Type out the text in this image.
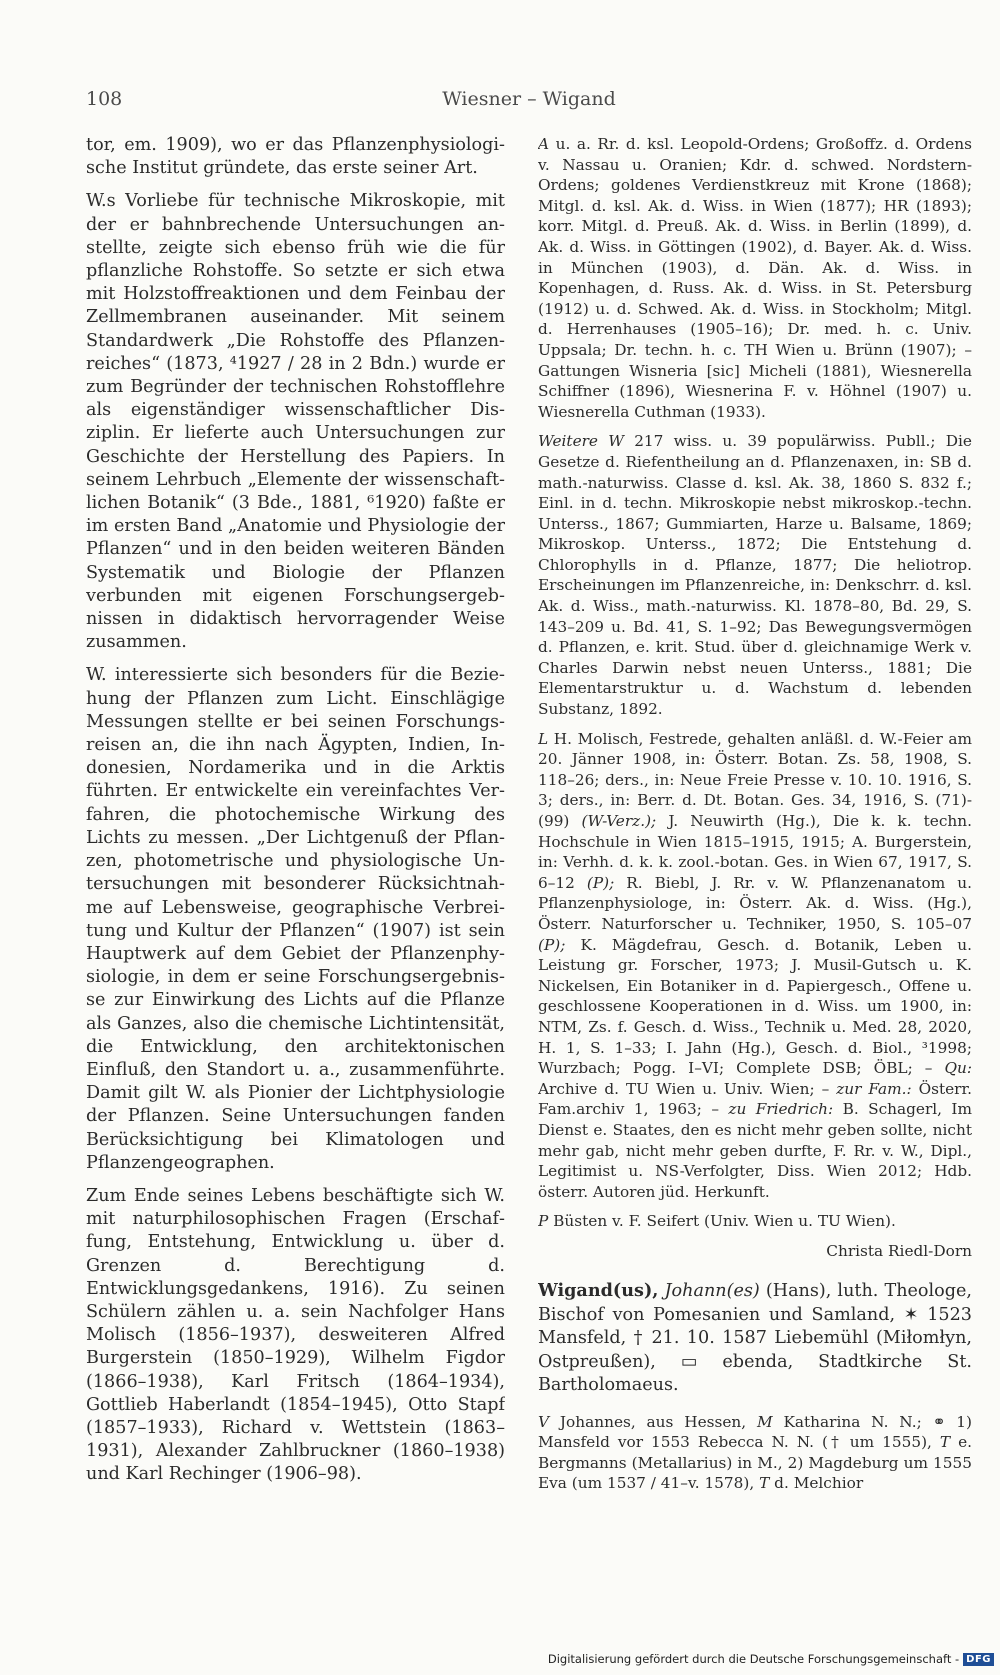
108	Wiesner – Wigand

tor, em. 1909), wo er das Pflanzenphysiologische Institut gründete, das erste seiner Art.

W.s Vorliebe für technische Mikroskopie, mit der er bahnbrechende Untersuchungen anstellte, zeigte sich ebenso früh wie die für pflanzliche Rohstoffe. So setzte er sich etwa mit Holzstoffreaktionen und dem Feinbau der Zellmembranen auseinander. Mit seinem Standardwerk „Die Rohstoffe des Pflanzenreiches“ (1873, ⁴1927 / 28 in 2 Bdn.) wurde er zum Begründer der technischen Rohstofflehre als eigenständiger wissenschaftlicher Disziplin. Er lieferte auch Untersuchungen zur Geschichte der Herstellung des Papiers. In seinem Lehrbuch „Elemente der wissenschaftlichen Botanik“ (3 Bde., 1881, ⁶1920) faßte er im ersten Band „Anatomie und Physiologie der Pflanzen“ und in den beiden weiteren Bänden Systematik und Biologie der Pflanzen verbunden mit eigenen Forschungsergebnissen in didaktisch hervorragender Weise zusammen.

W. interessierte sich besonders für die Beziehung der Pflanzen zum Licht. Einschlägige Messungen stellte er bei seinen Forschungsreisen an, die ihn nach Ägypten, Indien, Indonesien, Nordamerika und in die Arktis führten. Er entwickelte ein vereinfachtes Verfahren, die photochemische Wirkung des Lichts zu messen. „Der Lichtgenuß der Pflanzen, photometrische und physiologische Untersuchungen mit besonderer Rücksichtnahme auf Lebensweise, geographische Verbreitung und Kultur der Pflanzen“ (1907) ist sein Hauptwerk auf dem Gebiet der Pflanzenphysiologie, in dem er seine Forschungsergebnisse zur Einwirkung des Lichts auf die Pflanze als Ganzes, also die chemische Lichtintensität, die Entwicklung, den architektonischen Einfluß, den Standort u. a., zusammenführte. Damit gilt W. als Pionier der Lichtphysiologie der Pflanzen. Seine Untersuchungen fanden Berücksichtigung bei Klimatologen und Pflanzengeographen.

Zum Ende seines Lebens beschäftigte sich W. mit naturphilosophischen Fragen (Erschaffung, Entstehung, Entwicklung u. über d. Grenzen d. Berechtigung d. Entwicklungsgedankens, 1916). Zu seinen Schülern zählen u. a. sein Nachfolger Hans Molisch (1856–1937), desweiteren Alfred Burgerstein (1850–1929), Wilhelm Figdor (1866–1938), Karl Fritsch (1864–1934), Gottlieb Haberlandt (1854–1945), Otto Stapf (1857–1933), Richard v. Wettstein (1863–1931), Alexander Zahlbruckner (1860–1938) und Karl Rechinger (1906–98).

A u. a. Rr. d. ksl. Leopold-Ordens; Großoffz. d. Ordens v. Nassau u. Oranien; Kdr. d. schwed. Nordstern-Ordens; goldenes Verdienstkreuz mit Krone (1868); Mitgl. d. ksl. Ak. d. Wiss. in Wien (1877); HR (1893); korr. Mitgl. d. Preuß. Ak. d. Wiss. in Berlin (1899), d. Ak. d. Wiss. in Göttingen (1902), d. Bayer. Ak. d. Wiss. in München (1903), d. Dän. Ak. d. Wiss. in Kopenhagen, d. Russ. Ak. d. Wiss. in St. Petersburg (1912) u. d. Schwed. Ak. d. Wiss. in Stockholm; Mitgl. d. Herrenhauses (1905–16); Dr. med. h. c. Univ. Uppsala; Dr. techn. h. c. TH Wien u. Brünn (1907); – Gattungen Wisneria [sic] Micheli (1881), Wiesnerella Schiffner (1896), Wiesnerina F. v. Höhnel (1907) u. Wiesnerella Cuthman (1933).

Weitere W 217 wiss. u. 39 populärwiss. Publl.; Die Gesetze d. Riefentheilung an d. Pflanzenaxen, in: SB d. math.-naturwiss. Classe d. ksl. Ak. 38, 1860 S. 832 f.; Einl. in d. techn. Mikroskopie nebst mikroskop.-techn. Unterss., 1867; Gummiarten, Harze u. Balsame, 1869; Mikroskop. Unterss., 1872; Die Entstehung d. Chlorophylls in d. Pflanze, 1877; Die heliotrop. Erscheinungen im Pflanzenreiche, in: Denkschrr. d. ksl. Ak. d. Wiss., math.-naturwiss. Kl. 1878–80, Bd. 29, S. 143–209 u. Bd. 41, S. 1–92; Das Bewegungsvermögen d. Pflanzen, e. krit. Stud. über d. gleichnamige Werk v. Charles Darwin nebst neuen Unterss., 1881; Die Elementarstruktur u. d. Wachstum d. lebenden Substanz, 1892.

L H. Molisch, Festrede, gehalten anläßl. d. W.-Feier am 20. Jänner 1908, in: Österr. Botan. Zs. 58, 1908, S. 118–26; ders., in: Neue Freie Presse v. 10. 10. 1916, S. 3; ders., in: Berr. d. Dt. Botan. Ges. 34, 1916, S. (71)-(99) (W-Verz.); J. Neuwirth (Hg.), Die k. k. techn. Hochschule in Wien 1815–1915, 1915; A. Burgerstein, in: Verhh. d. k. k. zool.-botan. Ges. in Wien 67, 1917, S. 6–12 (P); R. Biebl, J. Rr. v. W. Pflanzenanatom u. Pflanzenphysiologe, in: Österr. Ak. d. Wiss. (Hg.), Österr. Naturforscher u. Techniker, 1950, S. 105–07 (P); K. Mägdefrau, Gesch. d. Botanik, Leben u. Leistung gr. Forscher, 1973; J. Musil-Gutsch u. K. Nickelsen, Ein Botaniker in d. Papiergesch., Offene u. geschlossene Kooperationen in d. Wiss. um 1900, in: NTM, Zs. f. Gesch. d. Wiss., Technik u. Med. 28, 2020, H. 1, S. 1–33; I. Jahn (Hg.), Gesch. d. Biol., ³1998; Wurzbach; Pogg. I–VI; Complete DSB; ÖBL; – Qu: Archive d. TU Wien u. Univ. Wien; – zur Fam.: Österr. Fam.archiv 1, 1963; – zu Friedrich: B. Schagerl, Im Dienst e. Staates, den es nicht mehr geben sollte, nicht mehr gab, nicht mehr geben durfte, F. Rr. v. W., Dipl., Legitimist u. NS-Verfolgter, Diss. Wien 2012; Hdb. österr. Autoren jüd. Herkunft.

P Büsten v. F. Seifert (Univ. Wien u. TU Wien).

Christa Riedl-Dorn

Wigand(us), Johann(es) (Hans), luth. Theologe, Bischof von Pomesanien und Samland, ✶ 1523 Mansfeld, † 21. 10. 1587 Liebemühl (Miłomłyn, Ostpreußen), ▭ ebenda, Stadtkirche St. Bartholomaeus.

V Johannes, aus Hessen, M Katharina N. N.; ⚭ 1) Mansfeld vor 1553 Rebecca N. N. († um 1555), T e. Bergmanns (Metallarius) in M., 2) Magdeburg um 1555 Eva (um 1537 / 41–v. 1578), T d. Melchior

Digitalisierung gefördert durch die Deutsche Forschungsgemeinschaft - DFG
